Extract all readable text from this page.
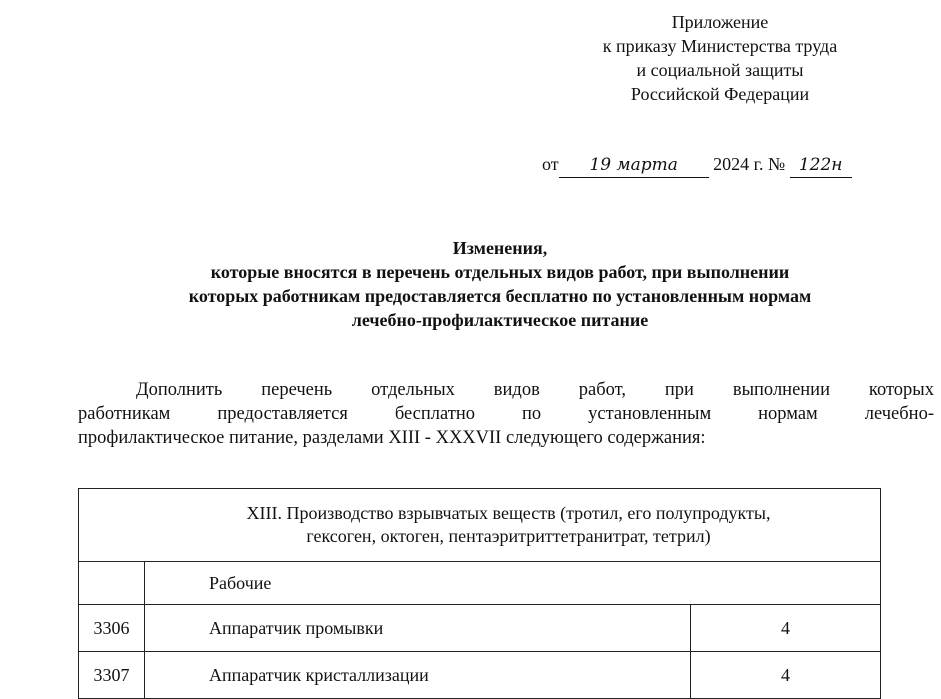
Приложение
к приказу Министерства труда
и социальной защиты
Российской Федерации
от 19 марта 2024 г. № 122н
Изменения,
которые вносятся в перечень отдельных видов работ, при выполнении
которых работникам предоставляется бесплатно по установленным нормам
лечебно-профилактическое питание
Дополнить перечень отдельных видов работ, при выполнении которых
работникам предоставляется бесплатно по установленным нормам лечебно-
профилактическое питание, разделами XIII - XXXVII следующего содержания:
XIII. Производство взрывчатых веществ (тротил, его полупродукты,
гексоген, октоген, пентаэритриттетранитрат, тетрил)		

	Рабочие	
3306	Аппаратчик промывки	4
3307	Аппаратчик кристаллизации	4
